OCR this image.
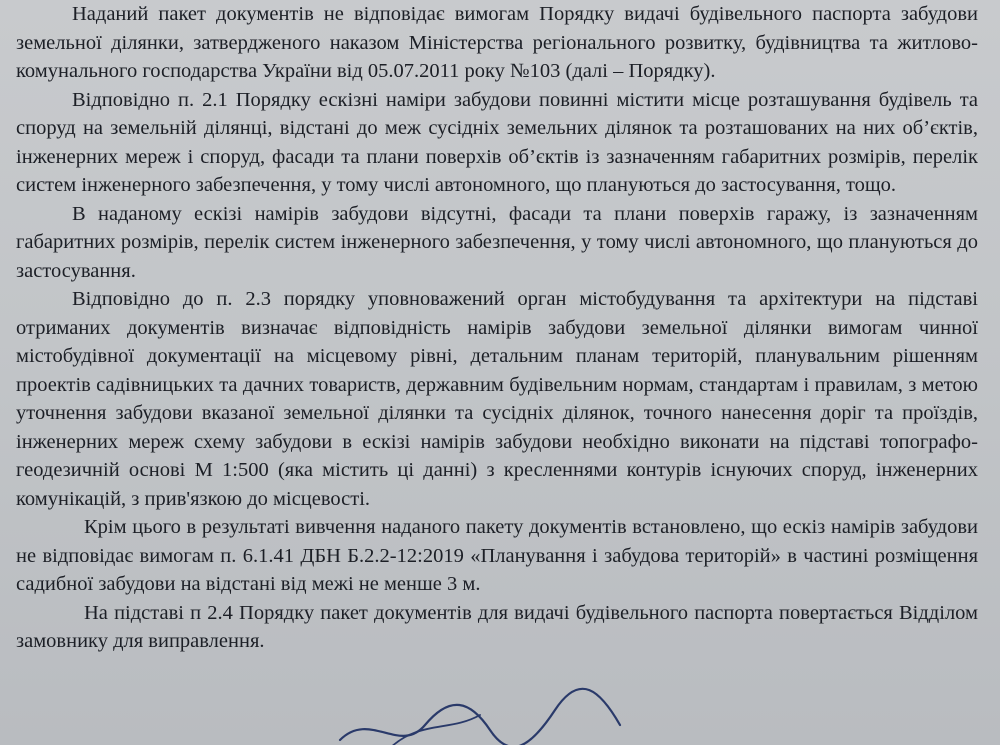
Наданий пакет документів не відповідає вимогам Порядку видачі будівельного паспорта забудови земельної ділянки, затвердженого наказом Міністерства регіонального розвитку, будівництва та житлово-комунального господарства України від 05.07.2011 року №103 (далі – Порядку).

Відповідно п. 2.1 Порядку ескізні наміри забудови повинні містити місце розташування будівель та споруд на земельній ділянці, відстані до меж сусідніх земельних ділянок та розташованих на них об’єктів, інженерних мереж і споруд, фасади та плани поверхів об’єктів із зазначенням габаритних розмірів, перелік систем інженерного забезпечення, у тому числі автономного, що плануються до застосування, тощо.

В наданому ескізі намірів забудови відсутні, фасади та плани поверхів гаражу, із зазначенням габаритних розмірів, перелік систем інженерного забезпечення, у тому числі автономного, що плануються до застосування.

Відповідно до п. 2.3 порядку уповноважений орган містобудування та архітектури на підставі отриманих документів визначає відповідність намірів забудови земельної ділянки вимогам чинної містобудівної документації на місцевому рівні, детальним планам територій, планувальним рішенням проектів садівницьких та дачних товариств, державним будівельним нормам, стандартам і правилам, з метою уточнення забудови вказаної земельної ділянки та сусідніх ділянок, точного нанесення доріг та проїздів, інженерних мереж схему забудови в ескізі намірів забудови необхідно виконати на підставі топографо-геодезичній основі М 1:500 (яка містить ці данні) з кресленнями контурів існуючих споруд, інженерних комунікацій, з прив'язкою до місцевості.

Крім цього в результаті вивчення наданого пакету документів встановлено, що ескіз намірів забудови не відповідає вимогам п. 6.1.41 ДБН Б.2.2-12:2019 «Планування і забудова територій» в частині розміщення садибної забудови на відстані від межі не менше 3 м.

На підставі п 2.4 Порядку пакет документів для видачі будівельного паспорта повертається Відділом замовнику для виправлення.
